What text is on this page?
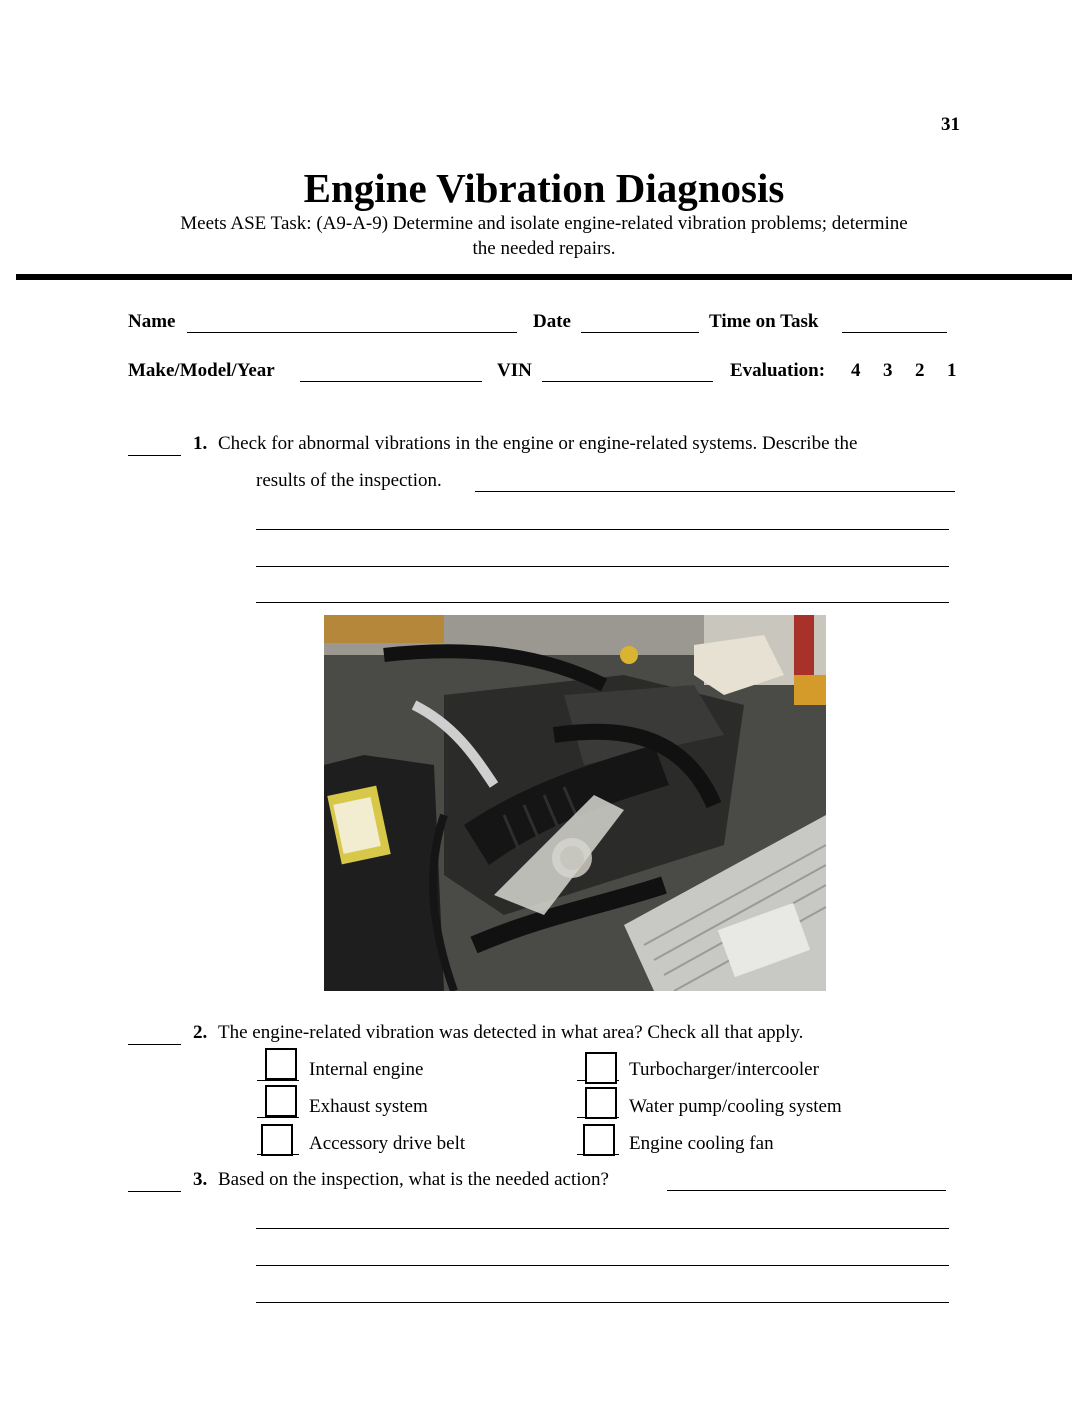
31
Engine Vibration Diagnosis
Meets ASE Task: (A9-A-9) Determine and isolate engine-related vibration problems; determine
the needed repairs.
Name	Date	Time on Task
Make/Model/Year	VIN	Evaluation: 4 3 2 1
1. Check for abnormal vibrations in the engine or engine-related systems. Describe the
results of the inspection.
2. The engine-related vibration was detected in what area? Check all that apply.
Internal engine
Exhaust system
Accessory drive belt
Turbocharger/intercooler
Water pump/cooling system
Engine cooling fan
3. Based on the inspection, what is the needed action?
